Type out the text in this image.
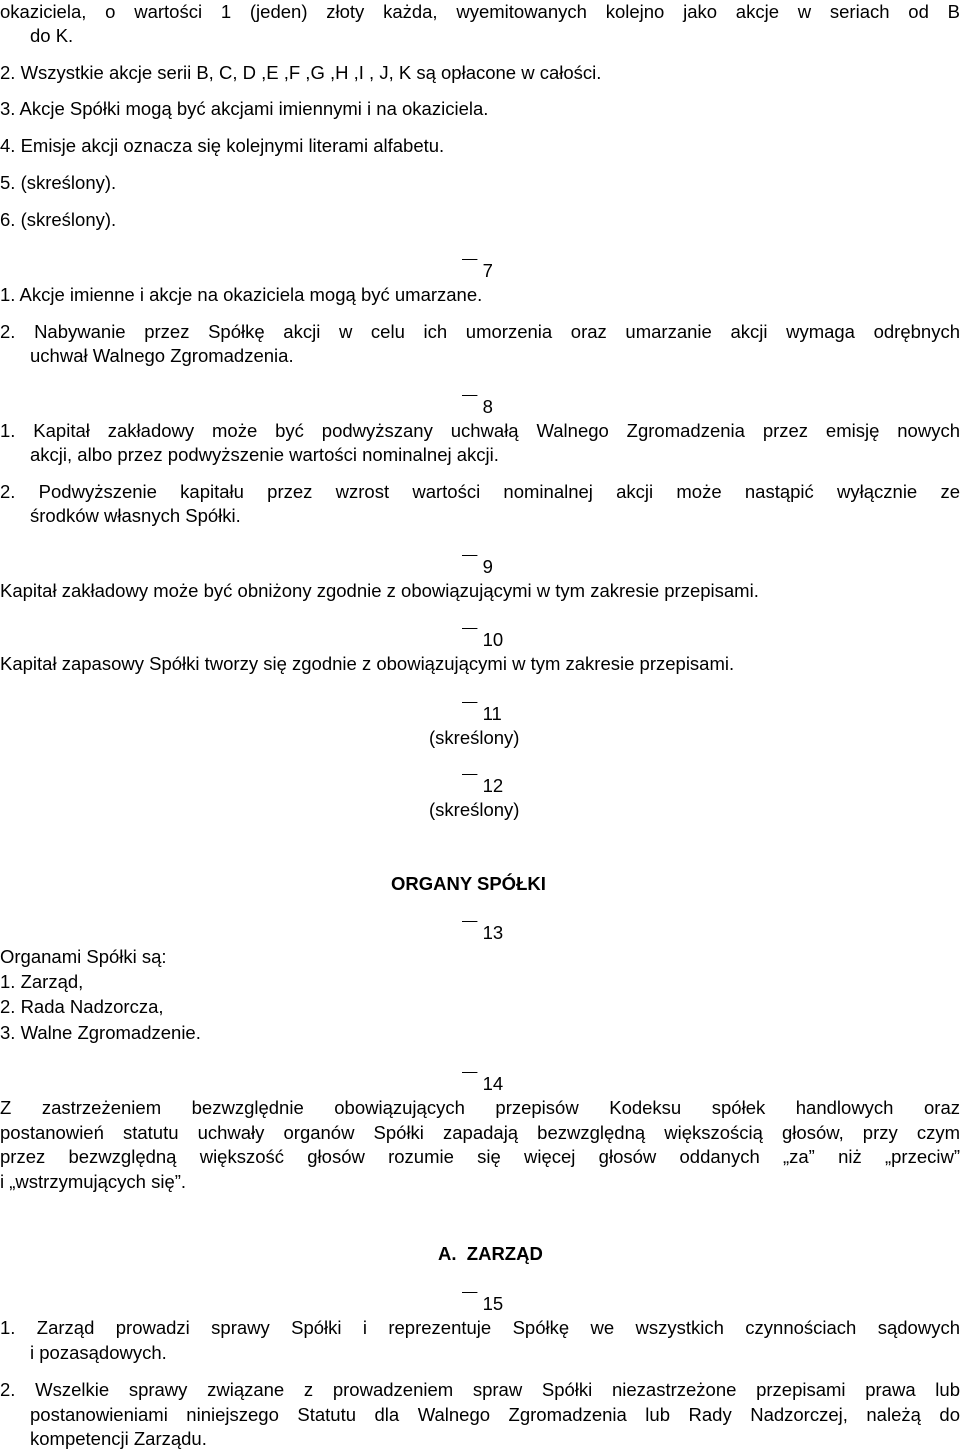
okaziciela, o wartości 1 (jeden) złoty każda, wyemitowanych kolejno jako akcje w seriach od B
do K.
2. Wszystkie akcje serii B, C, D ,E ,F ,G ,H ,I , J, K są opłacone w całości.
3. Akcje Spółki mogą być akcjami imiennymi i na okaziciela.
4. Emisje akcji oznacza się kolejnymi literami alfabetu.
5. (skreślony).
6. (skreślony).
7
1. Akcje imienne i akcje na okaziciela mogą być umarzane.
2. Nabywanie przez Spółkę akcji w celu ich umorzenia oraz umarzanie akcji wymaga odrębnych
uchwał Walnego Zgromadzenia.
8
1. Kapitał zakładowy może być podwyższany uchwałą Walnego Zgromadzenia przez emisję nowych
akcji, albo przez podwyższenie wartości nominalnej akcji.
2. Podwyższenie kapitału przez wzrost wartości nominalnej akcji może nastąpić wyłącznie ze
środków własnych Spółki.
9
Kapitał zakładowy może być obniżony zgodnie z obowiązującymi w tym zakresie przepisami.
10
Kapitał zapasowy Spółki tworzy się zgodnie z obowiązującymi w tym zakresie przepisami.
11
(skreślony)
12
(skreślony)
ORGANY SPÓŁKI
13
Organami Spółki są:
1. Zarząd,
2. Rada Nadzorcza,
3. Walne Zgromadzenie.
14
Z zastrzeżeniem bezwzględnie obowiązujących przepisów Kodeksu spółek handlowych oraz
postanowień statutu uchwały organów Spółki zapadają bezwzględną większością głosów, przy czym
przez bezwzględną większość głosów rozumie się więcej głosów oddanych „za” niż „przeciw”
i „wstrzymujących się”.
A.  ZARZĄD
15
1. Zarząd prowadzi sprawy Spółki i reprezentuje Spółkę we wszystkich czynnościach sądowych
i pozasądowych.
2. Wszelkie sprawy związane z prowadzeniem spraw Spółki niezastrzeżone przepisami prawa lub
postanowieniami niniejszego Statutu dla Walnego Zgromadzenia lub Rady Nadzorczej, należą do
kompetencji Zarządu.
